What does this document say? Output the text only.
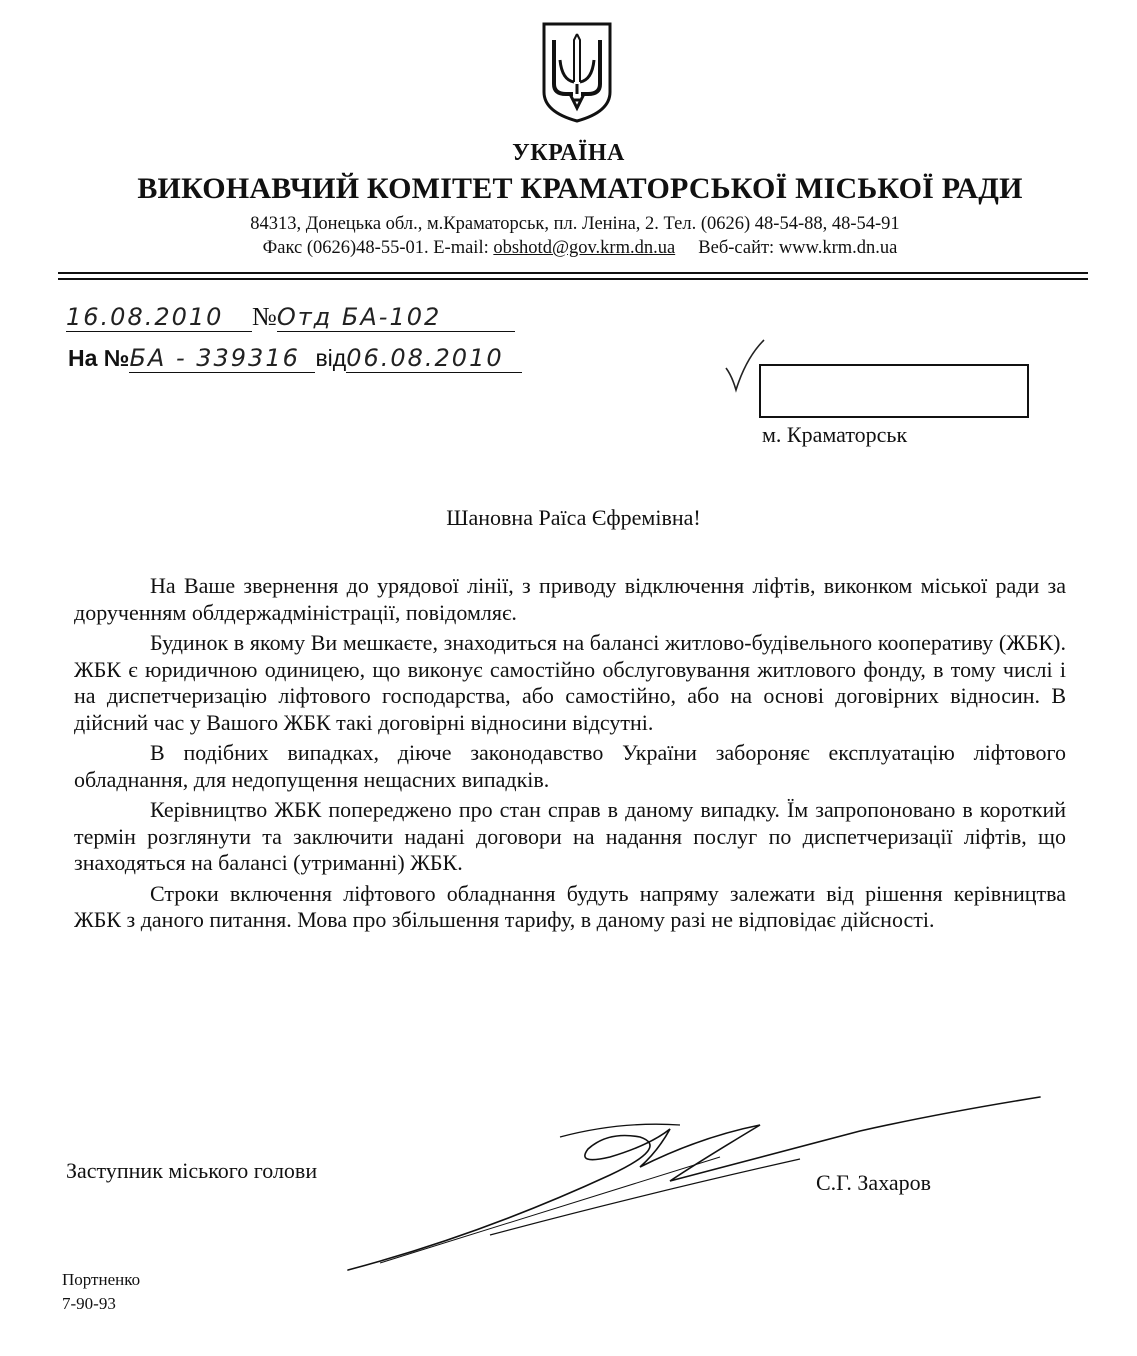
УКРАЇНА
ВИКОНАВЧИЙ КОМІТЕТ КРАМАТОРСЬКОЇ МІСЬКОЇ РАДИ
84313, Донецька обл., м.Краматорськ, пл. Леніна, 2. Тел. (0626) 48-54-88, 48-54-91
Факс (0626)48-55-01. E-mail: obshotd@gov.krm.dn.ua Веб-сайт: www.krm.dn.ua
16.08.2010 №Отд БА-102
На №БА - 339316 від06.08.2010
м. Краматорськ
Шановна Раїса Єфремівна!

На Ваше звернення до урядової лінії, з приводу відключення ліфтів, виконком міської ради за дорученням облдержадміністрації, повідомляє.

Будинок в якому Ви мешкаєте, знаходиться на балансі житлово-будівельного кооперативу (ЖБК). ЖБК є юридичною одиницею, що виконує самостійно обслуговування житлового фонду, в тому числі і на диспетчеризацію ліфтового господарства, або самостійно, або на основі договірних відносин. В дійсний час у Вашого ЖБК такі договірні відносини відсутні.

В подібних випадках, діюче законодавство України забороняє експлуатацію ліфтового обладнання, для недопущення нещасних випадків.

Керівництво ЖБК попереджено про стан справ в даному випадку. Їм запропоновано в короткий термін розглянути та заключити надані договори на надання послуг по диспетчеризації ліфтів, що знаходяться на балансі (утриманні) ЖБК.

Строки включення ліфтового обладнання будуть напряму залежати від рішення керівництва ЖБК з даного питання. Мова про збільшення тарифу, в даному разі не відповідає дійсності.

Заступник міського голови	С.Г. Захаров
Портненко
7-90-93
